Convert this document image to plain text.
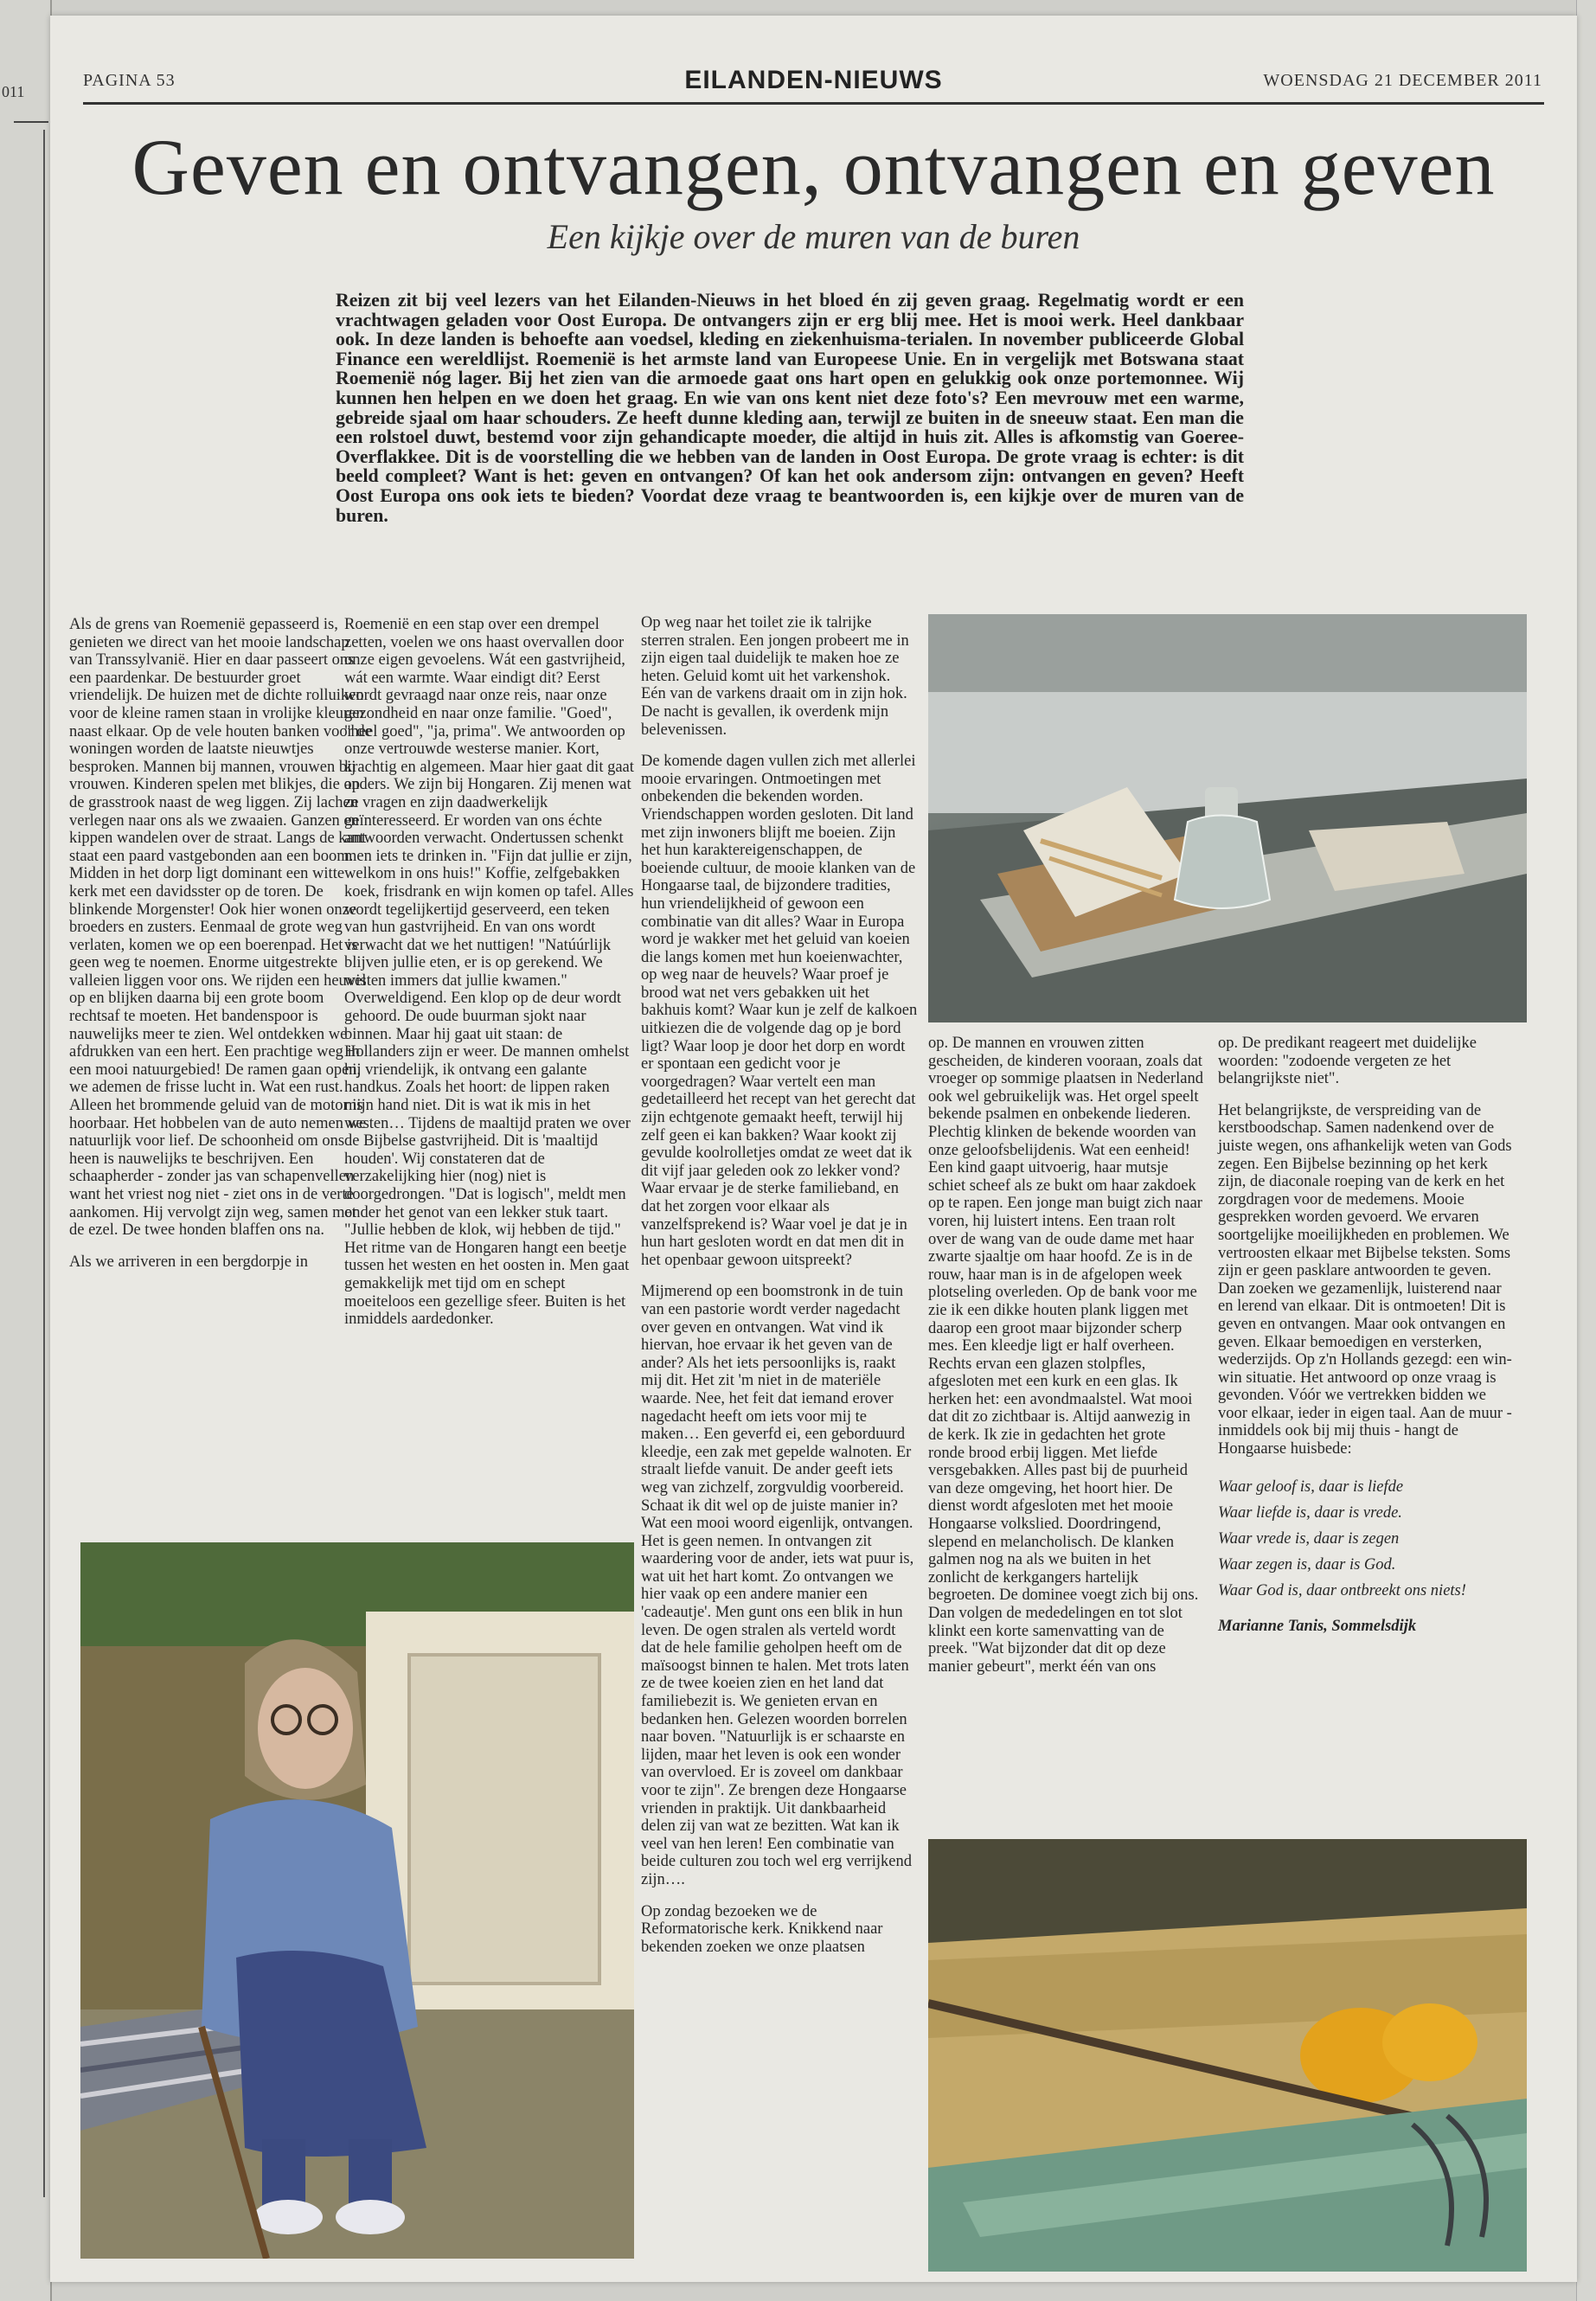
011
PAGINA 53	EILANDEN-NIEUWS	WOENSDAG 21 DECEMBER 2011
Geven en ontvangen, ontvangen en geven
Een kijkje over de muren van de buren
Reizen zit bij veel lezers van het Eilanden-Nieuws in het bloed én zij geven graag. Regelmatig wordt er een vrachtwagen geladen voor Oost Europa. De ontvangers zijn er erg blij mee. Het is mooi werk. Heel dankbaar ook. In deze landen is behoefte aan voedsel, kleding en ziekenhuisma-terialen. In november publiceerde Global Finance een wereldlijst. Roemenië is het armste land van Europeese Unie. En in vergelijk met Botswana staat Roemenië nóg lager. Bij het zien van die armoede gaat ons hart open en gelukkig ook onze portemonnee. Wij kunnen hen helpen en we doen het graag. En wie van ons kent niet deze foto's? Een mevrouw met een warme, gebreide sjaal om haar schouders. Ze heeft dunne kleding aan, terwijl ze buiten in de sneeuw staat. Een man die een rolstoel duwt, bestemd voor zijn gehandicapte moeder, die altijd in huis zit. Alles is afkomstig van Goeree-Overflakkee. Dit is de voorstelling die we hebben van de landen in Oost Europa. De grote vraag is echter: is dit beeld compleet? Want is het: geven en ontvangen? Of kan het ook andersom zijn: ontvangen en geven? Heeft Oost Europa ons ook iets te bieden? Voordat deze vraag te beantwoorden is, een kijkje over de muren van de buren.

Als de grens van Roemenië gepasseerd is, genieten we direct van het mooie landschap van Transsylvanië. Hier en daar passeert ons een paardenkar. De bestuurder groet vriendelijk. De huizen met de dichte rolluiken voor de kleine ramen staan in vrolijke kleuren naast elkaar. Op de vele houten banken voor de woningen worden de laatste nieuwtjes besproken. Mannen bij mannen, vrouwen bij vrouwen. Kinderen spelen met blikjes, die op de grasstrook naast de weg liggen. Zij lachen verlegen naar ons als we zwaaien. Ganzen en kippen wandelen over de straat. Langs de kant staat een paard vastgebonden aan een boom. Midden in het dorp ligt dominant een witte kerk met een davidsster op de toren. De blinkende Morgenster! Ook hier wonen onze broeders en zusters. Eenmaal de grote weg verlaten, komen we op een boerenpad. Het is geen weg te noemen. Enorme uitgestrekte valleien liggen voor ons. We rijden een heuvel op en blijken daarna bij een grote boom rechtsaf te moeten. Het bandenspoor is nauwelijks meer te zien. Wel ontdekken we afdrukken van een hert. Een prachtige weg in een mooi natuurgebied! De ramen gaan open, we ademen de frisse lucht in. Wat een rust. Alleen het brommende geluid van de motor is hoorbaar. Het hobbelen van de auto nemen we natuurlijk voor lief. De schoonheid om ons heen is nauwelijks te beschrijven. Een schaapherder - zonder jas van schapenvellen want het vriest nog niet - ziet ons in de verte aankomen. Hij vervolgt zijn weg, samen met de ezel. De twee honden blaffen ons na.

Als we arriveren in een bergdorpje in

Roemenië en een stap over een drempel zetten, voelen we ons haast overvallen door onze eigen gevoelens. Wát een gastvrijheid, wát een warmte. Waar eindigt dit? Eerst wordt gevraagd naar onze reis, naar onze gezondheid en naar onze familie. "Goed", "heel goed", "ja, prima". We antwoorden op onze vertrouwde westerse manier. Kort, krachtig en algemeen. Maar hier gaat dit gaat anders. We zijn bij Hongaren. Zij menen wat ze vragen en zijn daadwerkelijk geïnteresseerd. Er worden van ons échte antwoorden verwacht. Ondertussen schenkt men iets te drinken in. "Fijn dat jullie er zijn, welkom in ons huis!" Koffie, zelfgebakken koek, frisdrank en wijn komen op tafel. Alles wordt tegelijkertijd geserveerd, een teken van hun gastvrijheid. En van ons wordt verwacht dat we het nuttigen! "Natúúrlijk blijven jullie eten, er is op gerekend. We wisten immers dat jullie kwamen." Overweldigend. Een klop op de deur wordt gehoord. De oude buurman sjokt naar binnen. Maar hij gaat uit staan: de Hollanders zijn er weer. De mannen omhelst hij vriendelijk, ik ontvang een galante handkus. Zoals het hoort: de lippen raken mijn hand niet. Dit is wat ik mis in het westen… Tijdens de maaltijd praten we over de Bijbelse gastvrijheid. Dit is 'maaltijd houden'. Wij constateren dat de verzakelijking hier (nog) niet is doorgedrongen. "Dat is logisch", meldt men onder het genot van een lekker stuk taart. "Jullie hebben de klok, wij hebben de tijd." Het ritme van de Hongaren hangt een beetje tussen het westen en het oosten in. Men gaat gemakkelijk met tijd om en schept moeiteloos een gezellige sfeer. Buiten is het inmiddels aardedonker.

Op weg naar het toilet zie ik talrijke sterren stralen. Een jongen probeert me in zijn eigen taal duidelijk te maken hoe ze heten. Geluid komt uit het varkenshok. Eén van de varkens draait om in zijn hok. De nacht is gevallen, ik overdenk mijn belevenissen.

De komende dagen vullen zich met allerlei mooie ervaringen. Ontmoetingen met onbekenden die bekenden worden. Vriendschappen worden gesloten. Dit land met zijn inwoners blijft me boeien. Zijn het hun karaktereigenschappen, de boeiende cultuur, de mooie klanken van de Hongaarse taal, de bijzondere tradities, hun vriendelijkheid of gewoon een combinatie van dit alles? Waar in Europa word je wakker met het geluid van koeien die langs komen met hun koeienwachter, op weg naar de heuvels? Waar proef je brood wat net vers gebakken uit het bakhuis komt? Waar kun je zelf de kalkoen uitkiezen die de volgende dag op je bord ligt? Waar loop je door het dorp en wordt er spontaan een gedicht voor je voorgedragen? Waar vertelt een man gedetailleerd het recept van het gerecht dat zijn echtgenote gemaakt heeft, terwijl hij zelf geen ei kan bakken? Waar kookt zij gevulde koolrolletjes omdat ze weet dat ik dit vijf jaar geleden ook zo lekker vond? Waar ervaar je de sterke familieband, en dat het zorgen voor elkaar als vanzelfsprekend is? Waar voel je dat je in hun hart gesloten wordt en dat men dit in het openbaar gewoon uitspreekt?

Mijmerend op een boomstronk in de tuin van een pastorie wordt verder nagedacht over geven en ontvangen. Wat vind ik hiervan, hoe ervaar ik het geven van de ander? Als het iets persoonlijks is, raakt mij dit. Het zit 'm niet in de materiële waarde. Nee, het feit dat iemand erover nagedacht heeft om iets voor mij te maken… Een geverfd ei, een geborduurd kleedje, een zak met gepelde walnoten. Er straalt liefde vanuit. De ander geeft iets weg van zichzelf, zorgvuldig voorbereid. Schaat ik dit wel op de juiste manier in? Wat een mooi woord eigenlijk, ontvangen. Het is geen nemen. In ontvangen zit waardering voor de ander, iets wat puur is, wat uit het hart komt. Zo ontvangen we hier vaak op een andere manier een 'cadeautje'. Men gunt ons een blik in hun leven. De ogen stralen als verteld wordt dat de hele familie geholpen heeft om de maïsoogst binnen te halen. Met trots laten ze de twee koeien zien en het land dat familiebezit is. We genieten ervan en bedanken hen. Gelezen woorden borrelen naar boven. "Natuurlijk is er schaarste en lijden, maar het leven is ook een wonder van overvloed. Er is zoveel om dankbaar voor te zijn". Ze brengen deze Hongaarse vrienden in praktijk. Uit dankbaarheid delen zij van wat ze bezitten. Wat kan ik veel van hen leren! Een combinatie van beide culturen zou toch wel erg verrijkend zijn….

Op zondag bezoeken we de Reformatorische kerk. Knikkend naar bekenden zoeken we onze plaatsen

op. De mannen en vrouwen zitten gescheiden, de kinderen vooraan, zoals dat vroeger op sommige plaatsen in Nederland ook wel gebruikelijk was. Het orgel speelt bekende psalmen en onbekende liederen. Plechtig klinken de bekende woorden van onze geloofsbelijdenis. Wat een eenheid! Een kind gaapt uitvoerig, haar mutsje schiet scheef als ze bukt om haar zakdoek op te rapen. Een jonge man buigt zich naar voren, hij luistert intens. Een traan rolt over de wang van de oude dame met haar zwarte sjaaltje om haar hoofd. Ze is in de rouw, haar man is in de afgelopen week plotseling overleden. Op de bank voor me zie ik een dikke houten plank liggen met daarop een groot maar bijzonder scherp mes. Een kleedje ligt er half overheen. Rechts ervan een glazen stolpfles, afgesloten met een kurk en een glas. Ik herken het: een avondmaalstel. Wat mooi dat dit zo zichtbaar is. Altijd aanwezig in de kerk. Ik zie in gedachten het grote ronde brood erbij liggen. Met liefde versgebakken. Alles past bij de puurheid van deze omgeving, het hoort hier. De dienst wordt afgesloten met het mooie Hongaarse volkslied. Doordringend, slepend en melancholisch. De klanken galmen nog na als we buiten in het zonlicht de kerkgangers hartelijk begroeten. De dominee voegt zich bij ons. Dan volgen de mededelingen en tot slot klinkt een korte samenvatting van de preek. "Wat bijzonder dat dit op deze manier gebeurt", merkt één van ons

op. De predikant reageert met duidelijke woorden: "zodoende vergeten ze het belangrijkste niet".

Het belangrijkste, de verspreiding van de kerstboodschap. Samen nadenkend over de juiste wegen, ons afhankelijk weten van Gods zegen. Een Bijbelse bezinning op het kerk zijn, de diaconale roeping van de kerk en het zorgdragen voor de medemens. Mooie gesprekken worden gevoerd. We ervaren soortgelijke moeilijkheden en problemen. We vertroosten elkaar met Bijbelse teksten. Soms zijn er geen pasklare antwoorden te geven. Dan zoeken we gezamenlijk, luisterend naar en lerend van elkaar. Dit is ontmoeten! Dit is geven en ontvangen. Maar ook ontvangen en geven. Elkaar bemoedigen en versterken, wederzijds. Op z'n Hollands gezegd: een win-win situatie. Het antwoord op onze vraag is gevonden. Vóór we vertrekken bidden we voor elkaar, ieder in eigen taal. Aan de muur - inmiddels ook bij mij thuis - hangt de Hongaarse huisbede:

Waar geloof is, daar is liefde
Waar liefde is, daar is vrede.
Waar vrede is, daar is zegen
Waar zegen is, daar is God.
Waar God is, daar ontbreekt ons niets!
Marianne Tanis, Sommelsdijk
